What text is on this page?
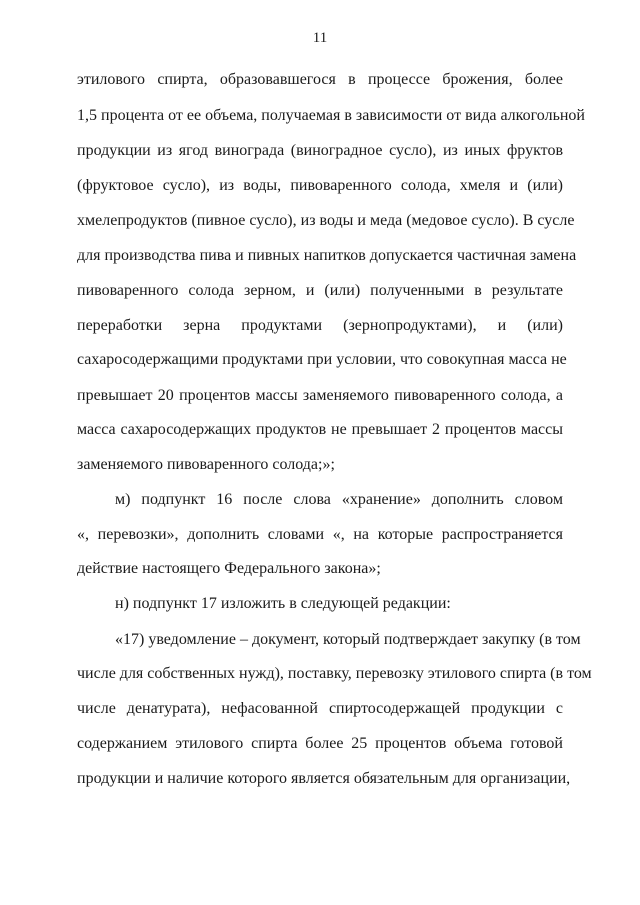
11
этилового спирта, образовавшегося в процессе брожения, более
1,5 процента от ее объема, получаемая в зависимости от вида алкогольной
продукции из ягод винограда (виноградное сусло), из иных фруктов
(фруктовое сусло), из воды, пивоваренного солода, хмеля и (или)
хмелепродуктов (пивное сусло), из воды и меда (медовое сусло). В сусле
для производства пива и пивных напитков допускается частичная замена
пивоваренного солода зерном, и (или) полученными в результате
переработки зерна продуктами (зернопродуктами), и (или)
сахаросодержащими продуктами при условии, что совокупная масса не
превышает 20 процентов массы заменяемого пивоваренного солода, а
масса сахаросодержащих продуктов не превышает 2 процентов массы
заменяемого пивоваренного солода;»;
м) подпункт 16 после слова «хранение» дополнить словом
«, перевозки», дополнить словами «, на которые распространяется
действие настоящего Федерального закона»;
н) подпункт 17 изложить в следующей редакции:
«17) уведомление – документ, который подтверждает закупку (в том
числе для собственных нужд), поставку, перевозку этилового спирта (в том
числе денатурата), нефасованной спиртосодержащей продукции с
содержанием этилового спирта более 25 процентов объема готовой
продукции и наличие которого является обязательным для организации,
